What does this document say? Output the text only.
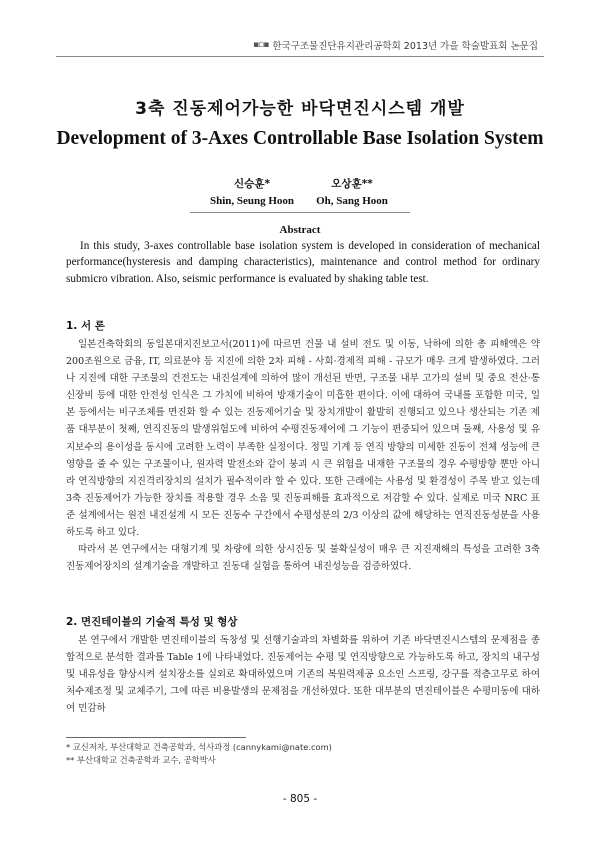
▪▫▪ 한국구조물진단유지관리공학회 2013년 가을 학술발표회 논문집
3축 진동제어가능한 바닥면진시스템 개발
Development of 3-Axes Controllable Base Isolation System
신승훈*
Shin, Seung Hoon
오상훈**
Oh, Sang Hoon
Abstract
In this study, 3-axes controllable base isolation system is developed in consideration of mechanical performance(hysteresis and damping characteristics), maintenance and control method for ordinary submicro vibration. Also, seismic performance is evaluated by shaking table test.
1. 서 론

일본건축학회의 동일본대지진보고서(2011)에 따르면 건물 내 설비 전도 및 이동, 낙하에 의한 총 피해액은 약 200조원으로 금융, IT, 의료분야 등 지진에 의한 2차 피해 - 사회·경제적 피해 - 규모가 매우 크게 발생하였다. 그러나 지진에 대한 구조물의 건전도는 내진설계에 의하여 많이 개선된 반면, 구조물 내부 고가의 설비 및 중요 전산·통신장비 등에 대한 안전성 인식은 그 가치에 비하여 방재기술이 미흡한 편이다. 이에 대하여 국내를 포함한 미국, 일본 등에서는 비구조체를 면진화 할 수 있는 진동제어기술 및 장치개발이 활발히 진행되고 있으나 생산되는 기존 제품 대부분이 첫째, 연직진동의 발생위험도에 비하여 수평진동제어에 그 기능이 편중되어 있으며 둘째, 사용성 및 유지보수의 용이성을 동시에 고려한 노력이 부족한 실정이다. 정밀 기계 등 연직 방향의 미세한 진동이 전체 성능에 큰 영향을 줄 수 있는 구조물이나, 원자력 발전소와 같이 붕괴 시 큰 위험을 내재한 구조물의 경우 수평방향 뿐만 아니라 연직방향의 지진격리장치의 설치가 필수적이라 할 수 있다. 또한 근래에는 사용성 및 환경성이 주목 받고 있는데 3축 진동제어가 가능한 장치를 적용할 경우 소음 및 진동피해를 효과적으로 저감할 수 있다. 실제로 미국 NRC 표준 설계에서는 원전 내진설계 시 모든 진동수 구간에서 수평성분의 2/3 이상의 값에 해당하는 연직진동성분을 사용하도록 하고 있다.

따라서 본 연구에서는 대형기계 및 차량에 의한 상시진동 및 불확실성이 매우 큰 지진재해의 특성을 고려한 3축 진동제어장치의 설계기술을 개발하고 진동대 실험을 통하여 내진성능을 검증하였다.

2. 면진테이블의 기술적 특성 및 형상

본 연구에서 개발한 면진테이블의 독창성 및 선행기술과의 차별화를 위하여 기존 바닥면진시스템의 문제점을 종합적으로 분석한 결과를 Table 1에 나타내었다. 진동제어는 수평 및 연직방향으로 가능하도록 하고, 장치의 내구성 및 내유성을 향상시켜 설치장소를 실외로 확대하였으며 기존의 복원력제공 요소인 스프링, 강구를 적층고무로 하여 처수제조정 및 교체주기, 그에 따른 비용발생의 문제점을 개선하였다. 또한 대부분의 면진테이블은 수평미동에 대하여 민감하

* 교신저자, 부산대학교 건축공학과, 석사과정 (cannykami@nate.com)
** 부산대학교 건축공학과 교수, 공학박사
- 805 -
